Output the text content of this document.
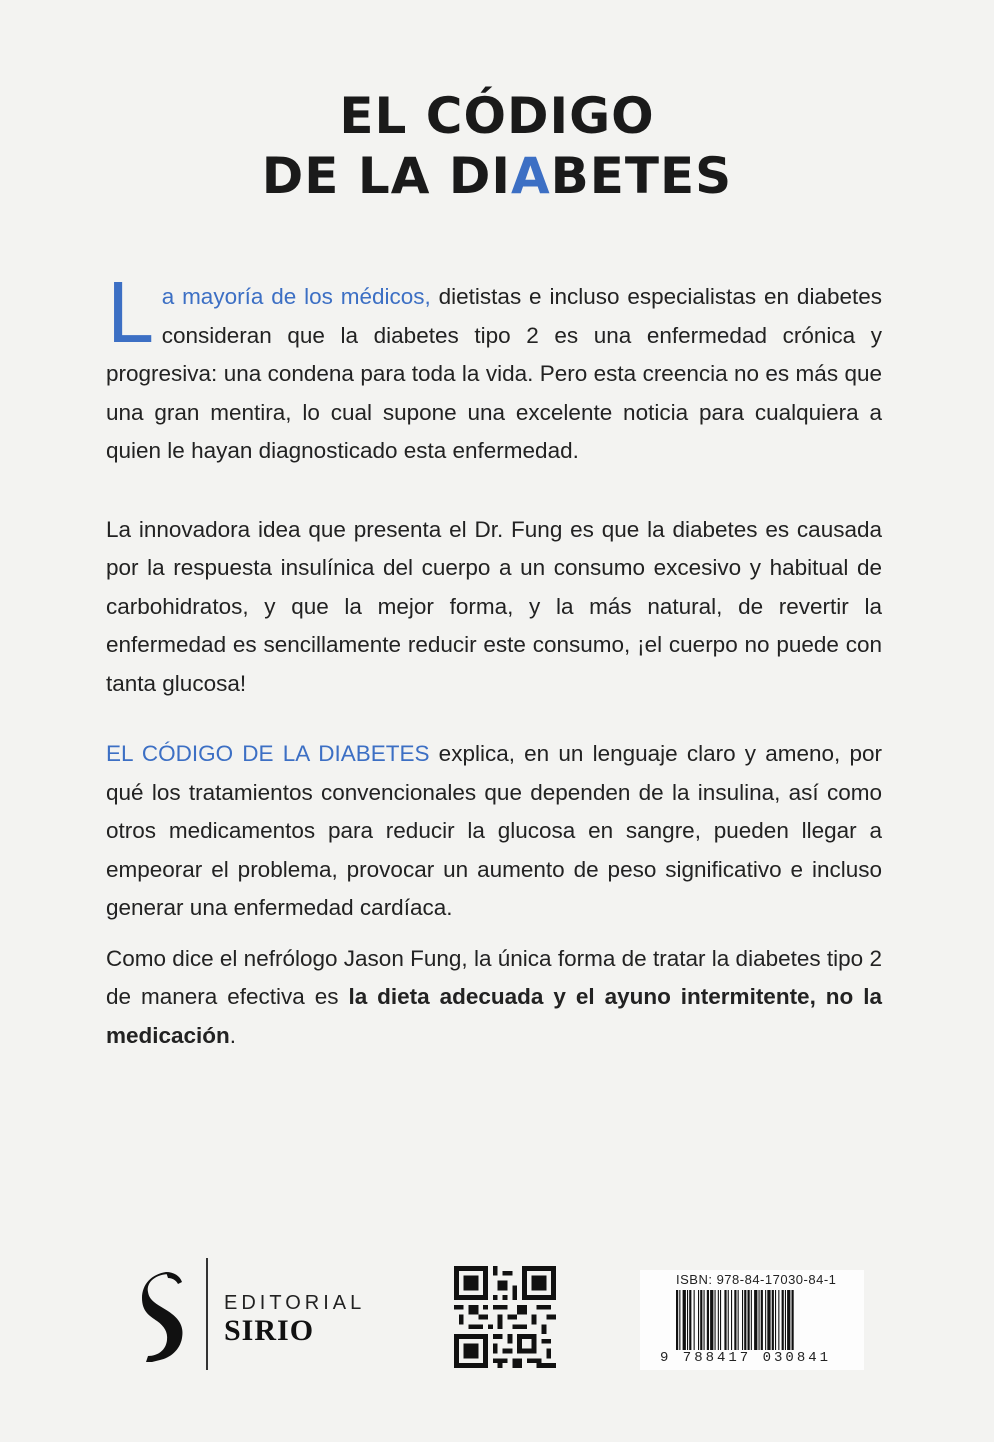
EL CÓDIGO
DE LA DIABETES

La mayoría de los médicos, dietistas e incluso especialistas en diabetes consideran que la diabetes tipo 2 es una enfermedad crónica y progresiva: una condena para toda la vida. Pero esta creencia no es más que una gran mentira, lo cual supone una excelente noticia para cualquiera a quien le hayan diagnosticado esta enfermedad.

La innovadora idea que presenta el Dr. Fung es que la diabetes es causada por la respuesta insulínica del cuerpo a un consumo excesivo y habitual de carbohidratos, y que la mejor forma, y la más natural, de revertir la enfermedad es sencillamente reducir este consumo, ¡el cuerpo no puede con tanta glucosa!

EL CÓDIGO DE LA DIABETES explica, en un lenguaje claro y ameno, por qué los tratamientos convencionales que dependen de la insulina, así como otros medicamentos para reducir la glucosa en sangre, pueden llegar a empeorar el problema, provocar un aumento de peso significativo e incluso generar una enfermedad cardíaca.

Como dice el nefrólogo Jason Fung, la única forma de tratar la diabetes tipo 2 de manera efectiva es la dieta adecuada y el ayuno intermitente, no la medicación.

EDITORIAL
SIRIO
ISBN: 978-84-17030-84-1
9 788417 030841
